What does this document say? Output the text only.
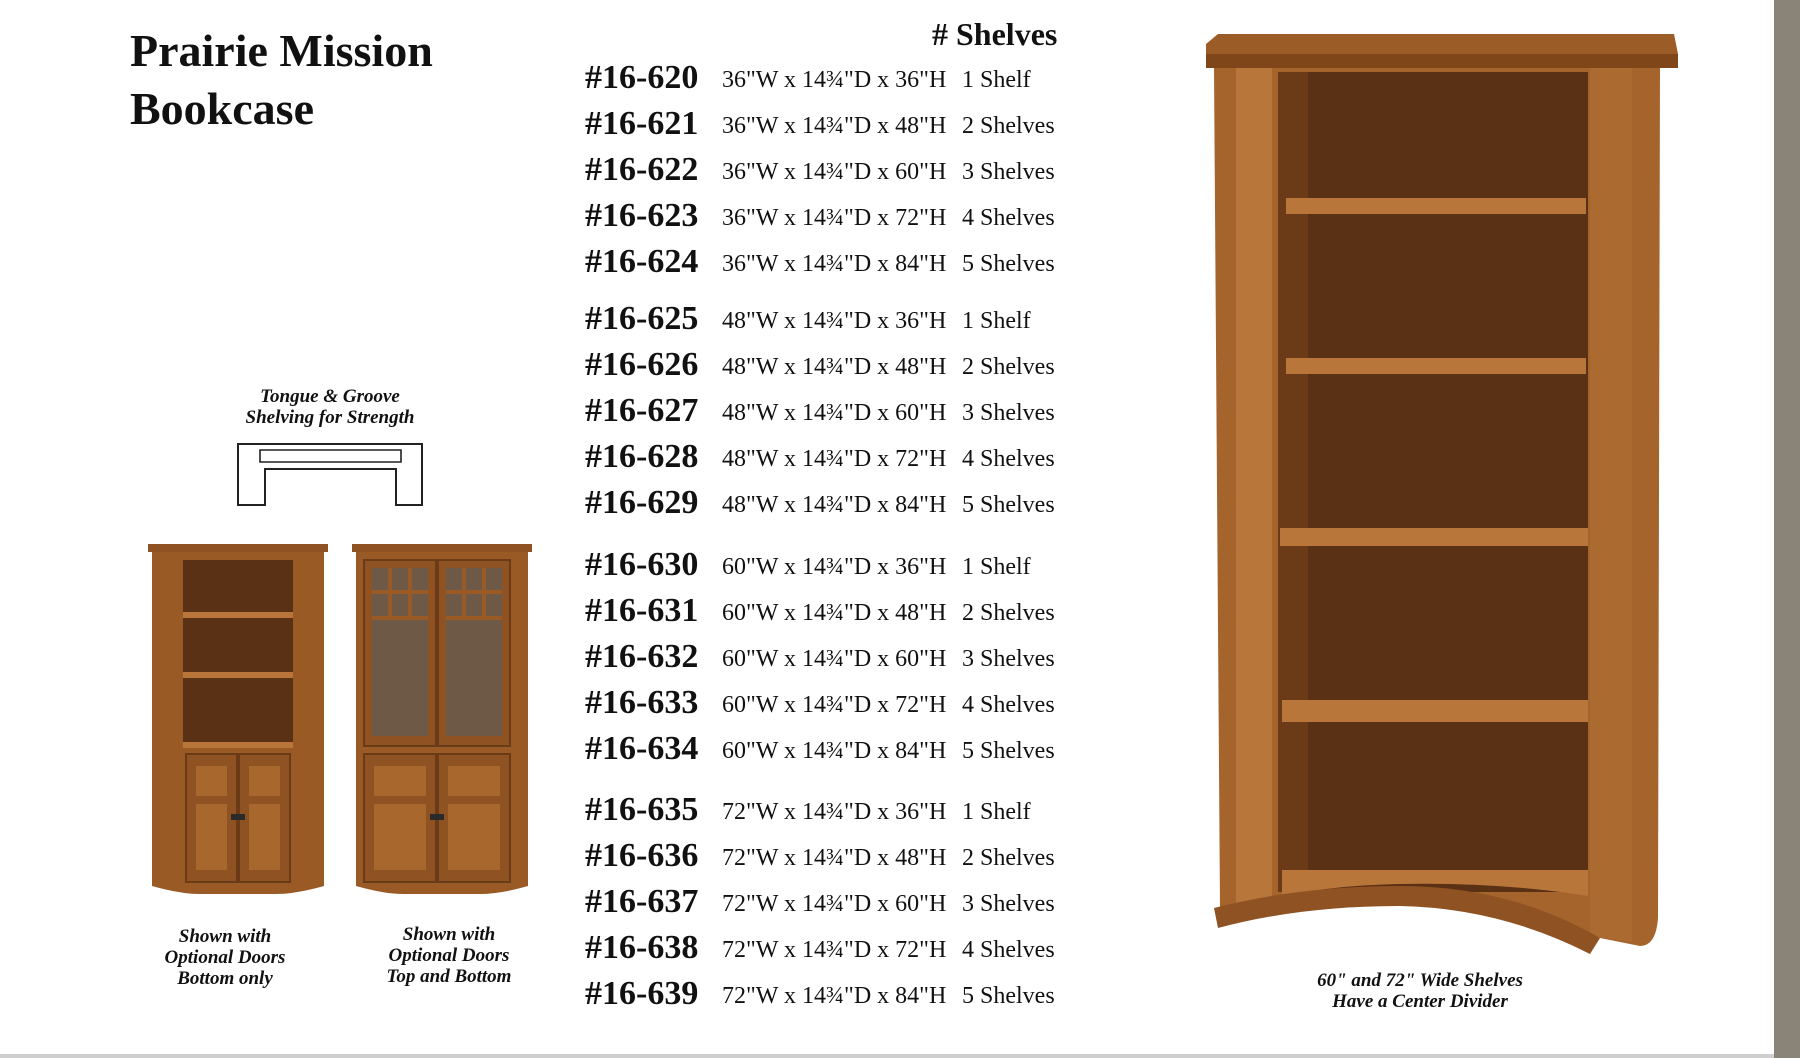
Prairie Mission
Bookcase
# Shelves
#16-620 36"W x 14¾"D x 36"H 1 Shelf
#16-621 36"W x 14¾"D x 48"H 2 Shelves
#16-622 36"W x 14¾"D x 60"H 3 Shelves
#16-623 36"W x 14¾"D x 72"H 4 Shelves
#16-624 36"W x 14¾"D x 84"H 5 Shelves
#16-625 48"W x 14¾"D x 36"H 1 Shelf
#16-626 48"W x 14¾"D x 48"H 2 Shelves
#16-627 48"W x 14¾"D x 60"H 3 Shelves
#16-628 48"W x 14¾"D x 72"H 4 Shelves
#16-629 48"W x 14¾"D x 84"H 5 Shelves
#16-630 60"W x 14¾"D x 36"H 1 Shelf
#16-631 60"W x 14¾"D x 48"H 2 Shelves
#16-632 60"W x 14¾"D x 60"H 3 Shelves
#16-633 60"W x 14¾"D x 72"H 4 Shelves
#16-634 60"W x 14¾"D x 84"H 5 Shelves
#16-635 72"W x 14¾"D x 36"H 1 Shelf
#16-636 72"W x 14¾"D x 48"H 2 Shelves
#16-637 72"W x 14¾"D x 60"H 3 Shelves
#16-638 72"W x 14¾"D x 72"H 4 Shelves
#16-639 72"W x 14¾"D x 84"H 5 Shelves
Tongue & Groove
Shelving for Strength
Shown with
Optional Doors
Bottom only
Shown with
Optional Doors
Top and Bottom	60" and 72" Wide Shelves
Have a Center Divider
